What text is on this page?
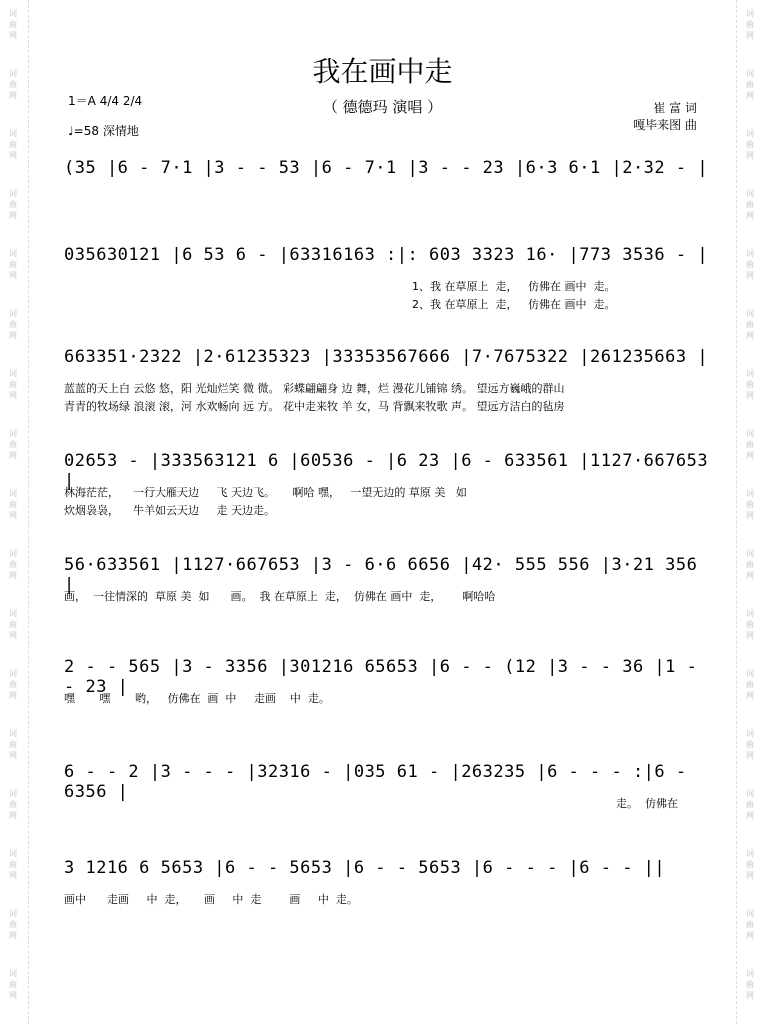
词
曲
网
词
曲
网
词
曲
网
词
曲
网
词
曲
网
词
曲
网
词
曲
网
词
曲
网
词
曲
网
词
曲
网
词
曲
网
词
曲
网
词
曲
网
词
曲
网
词
曲
网
词
曲
网
词
曲
网
词
曲
网
词
曲
网
词
曲
网
词
曲
网
词
曲
网
词
曲
网
词
曲
网
词
曲
网
词
曲
网
词
曲
网
词
曲
网
词
曲
网
词
曲
网
词
曲
网
词
曲
网
词
曲
网
词
曲
网
我在画中走
（ 德德玛 演唱 ）	崔 富 词
嘎毕来图 曲
1＝A 4/4 2/4
♩=58 深情地
(35 |6 - 7·1 |3 - - 53 |6 - 7·1 |3 - - 23 |6·3 6·1 |2·32 - |
035630121 |6 53 6 - |63316163 :|: 603 3323 16· |773 3536 - |
1、我 在草原上  走，   仿佛在 画中  走。
2、我 在草原上  走，   仿佛在 画中  走。
663351·2322 |2·61235323 |33353567666 |7·7675322 |261235663 |
蓝蓝的天上白 云悠 悠，阳 光灿烂笑 微 微。 彩蝶翩翩身 边 舞，烂 漫花儿铺锦 绣。 望远方巍峨的群山
青青的牧场绿 浪滚 滚，河 水欢畅向 远 方。 花中走来牧 羊 女，马 背飘来牧歌 声。 望远方洁白的毡房
02653 - |333563121 6 |60536 - |6 23 |6 - 633561 |1127·667653 |
林海茫茫，    一行大雁天边     飞 天边飞。     啊哈 嘿，   一望无边的 草原 美   如
炊烟袅袅，    牛羊如云天边     走 天边走。
56·633561 |1127·667653 |3 - 6·6 6656 |42· 555 556 |3·21 356 |
画，  一往情深的  草原 美  如      画。  我 在草原上  走，  仿佛在 画中  走，      啊哈哈
2 - - 565 |3 - 3356 |301216 65653 |6 - - (12 |3 - - 36 |1 - - 23 |
嘿       嘿       哟，   仿佛在  画  中     走画    中  走。
6 - - 2 |3 - - - |32316 - |035 61 - |263235 |6 - - - :|6 - 6356 |
走。  仿佛在
3 1216 6 5653 |6 - - 5653 |6 - - 5653 |6 - - - |6 - - ||
画中      走画     中  走，     画     中  走        画     中  走。
